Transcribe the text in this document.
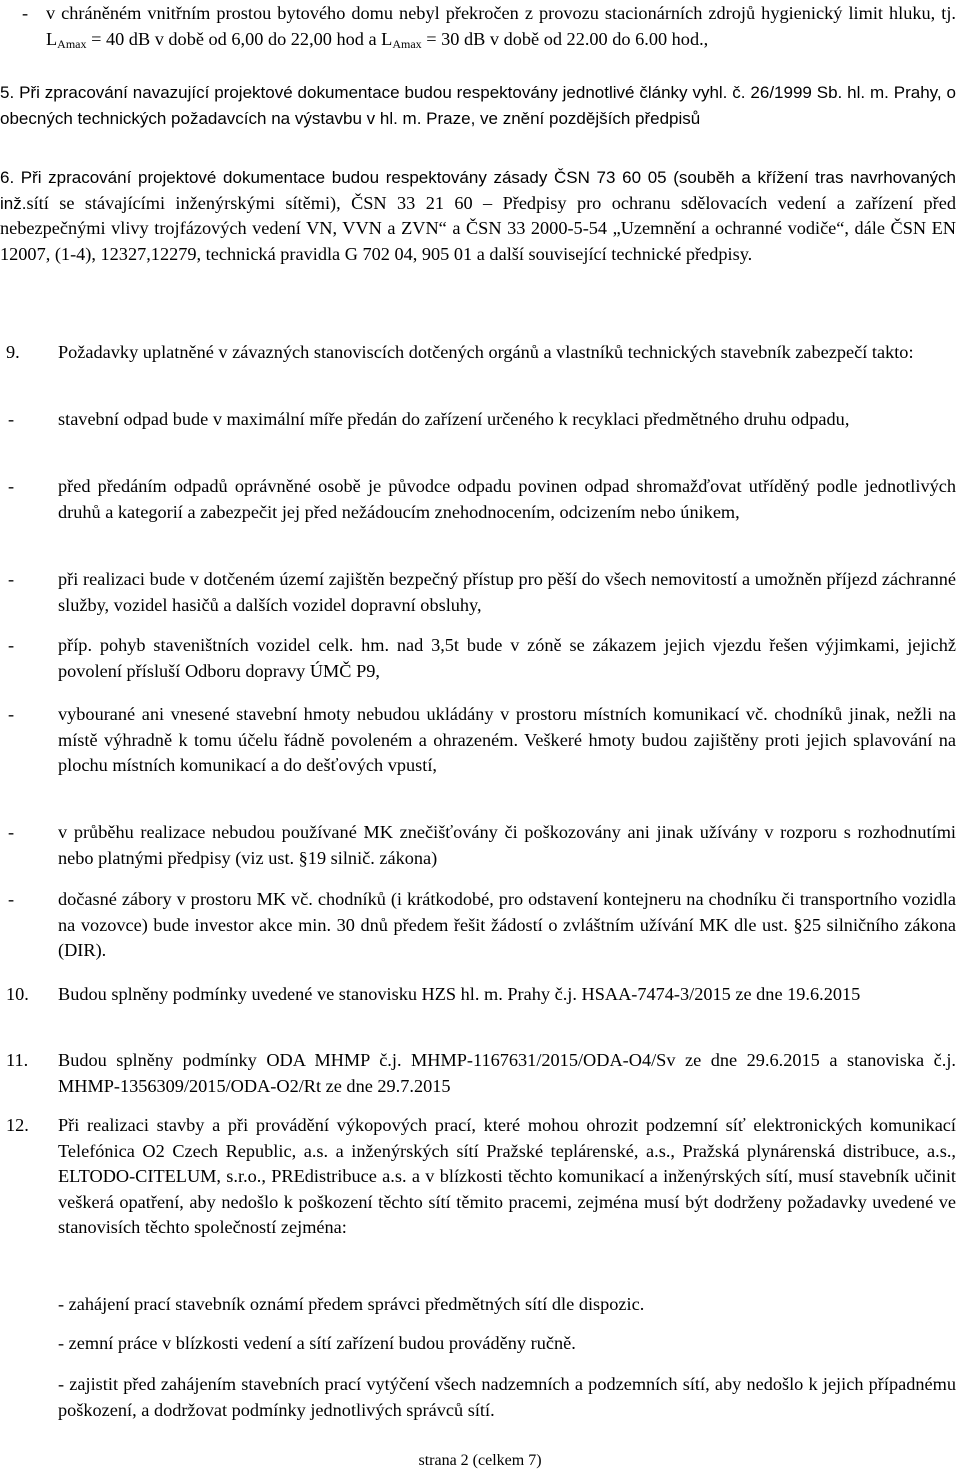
- v chráněném vnitřním prostou bytového domu nebyl překročen z provozu stacionárních zdrojů hygienický limit hluku, tj. $L_{Amax} = 40$ dB v době od 6,00 do 22,00 hod a $L_{Amax} = 30$ dB v době od 22.00 do 6.00 hod.,

5. Při zpracování navazující projektové dokumentace budou respektovány jednotlivé články vyhl. č. 26/1999 Sb. hl. m. Prahy, o obecných technických požadavcích na výstavbu v hl. m. Praze, ve znění pozdějších předpisů

6. Při zpracování projektové dokumentace budou respektovány zásady ČSN 73 60 05 (souběh a křížení tras navrhovaných inž.sítí se stávajícími inženýrskými sítěmi), ČSN 33 21 60 – Předpisy pro ochranu sdělovacích vedení a zařízení před nebezpečnými vlivy trojfázových vedení VN, VVN a ZVN“ a ČSN 33 2000-5-54 „Uzemnění a ochranné vodiče“, dále ČSN EN 12007, (1-4), 12327,12279, technická pravidla G 702 04, 905 01 a další související technické předpisy.

9. Požadavky uplatněné v závazných stanoviscích dotčených orgánů a vlastníků technických stavebník zabezpečí takto:

- stavební odpad bude v maximální míře předán do zařízení určeného k recyklaci předmětného druhu odpadu,

- před předáním odpadů oprávněné osobě je původce odpadu povinen odpad shromažďovat utříděný podle jednotlivých druhů a kategorií a zabezpečit jej před nežádoucím znehodnocením, odcizením nebo únikem,

- při realizaci bude v dotčeném území zajištěn bezpečný přístup pro pěší do všech nemovitostí a umožněn příjezd záchranné služby, vozidel hasičů a dalších vozidel dopravní obsluhy,

- příp. pohyb staveništních vozidel celk. hm. nad 3,5t bude v zóně se zákazem jejich vjezdu řešen výjimkami, jejichž povolení přísluší Odboru dopravy ÚMČ P9,

- vybourané ani vnesené stavební hmoty nebudou ukládány v prostoru místních komunikací vč. chodníků jinak, nežli na místě výhradně k tomu účelu řádně povoleném a ohrazeném. Veškeré hmoty budou zajištěny proti jejich splavování na plochu místních komunikací a do dešťových vpustí,

- v průběhu realizace nebudou používané MK znečišťovány či poškozovány ani jinak užívány v rozporu s rozhodnutími nebo platnými předpisy (viz ust. §19 silnič. zákona)

- dočasné zábory v prostoru MK vč. chodníků (i krátkodobé, pro odstavení kontejneru na chodníku či transportního vozidla na vozovce) bude investor akce min. 30 dnů předem řešit žádostí o zvláštním užívání MK dle ust. §25 silničního zákona (DIR).

10. Budou splněny podmínky uvedené ve stanovisku HZS hl. m. Prahy č.j. HSAA-7474-3/2015 ze dne 19.6.2015

11. Budou splněny podmínky ODA MHMP č.j. MHMP-1167631/2015/ODA-O4/Sv ze dne 29.6.2015 a stanoviska č.j. MHMP-1356309/2015/ODA-O2/Rt ze dne 29.7.2015

12. Při realizaci stavby a při provádění výkopových prací, které mohou ohrozit podzemní síť elektronických komunikací Telefónica O2 Czech Republic, a.s. a inženýrských sítí Pražské teplárenské, a.s., Pražská plynárenská distribuce, a.s., ELTODO-CITELUM, s.r.o., PREdistribuce a.s. a v blízkosti těchto komunikací a inženýrských sítí, musí stavebník učinit veškerá opatření, aby nedošlo k poškození těchto sítí těmito pracemi, zejména musí být dodrženy požadavky uvedené ve stanovisích těchto společností zejména:

- zahájení prací stavebník oznámí předem správci předmětných sítí dle dispozic.

- zemní práce v blízkosti vedení a sítí zařízení budou prováděny ručně.

- zajistit před zahájením stavebních prací vytýčení všech nadzemních a podzemních sítí, aby nedošlo k jejich případnému poškození, a dodržovat podmínky jednotlivých správců sítí.

strana 2 (celkem 7)
